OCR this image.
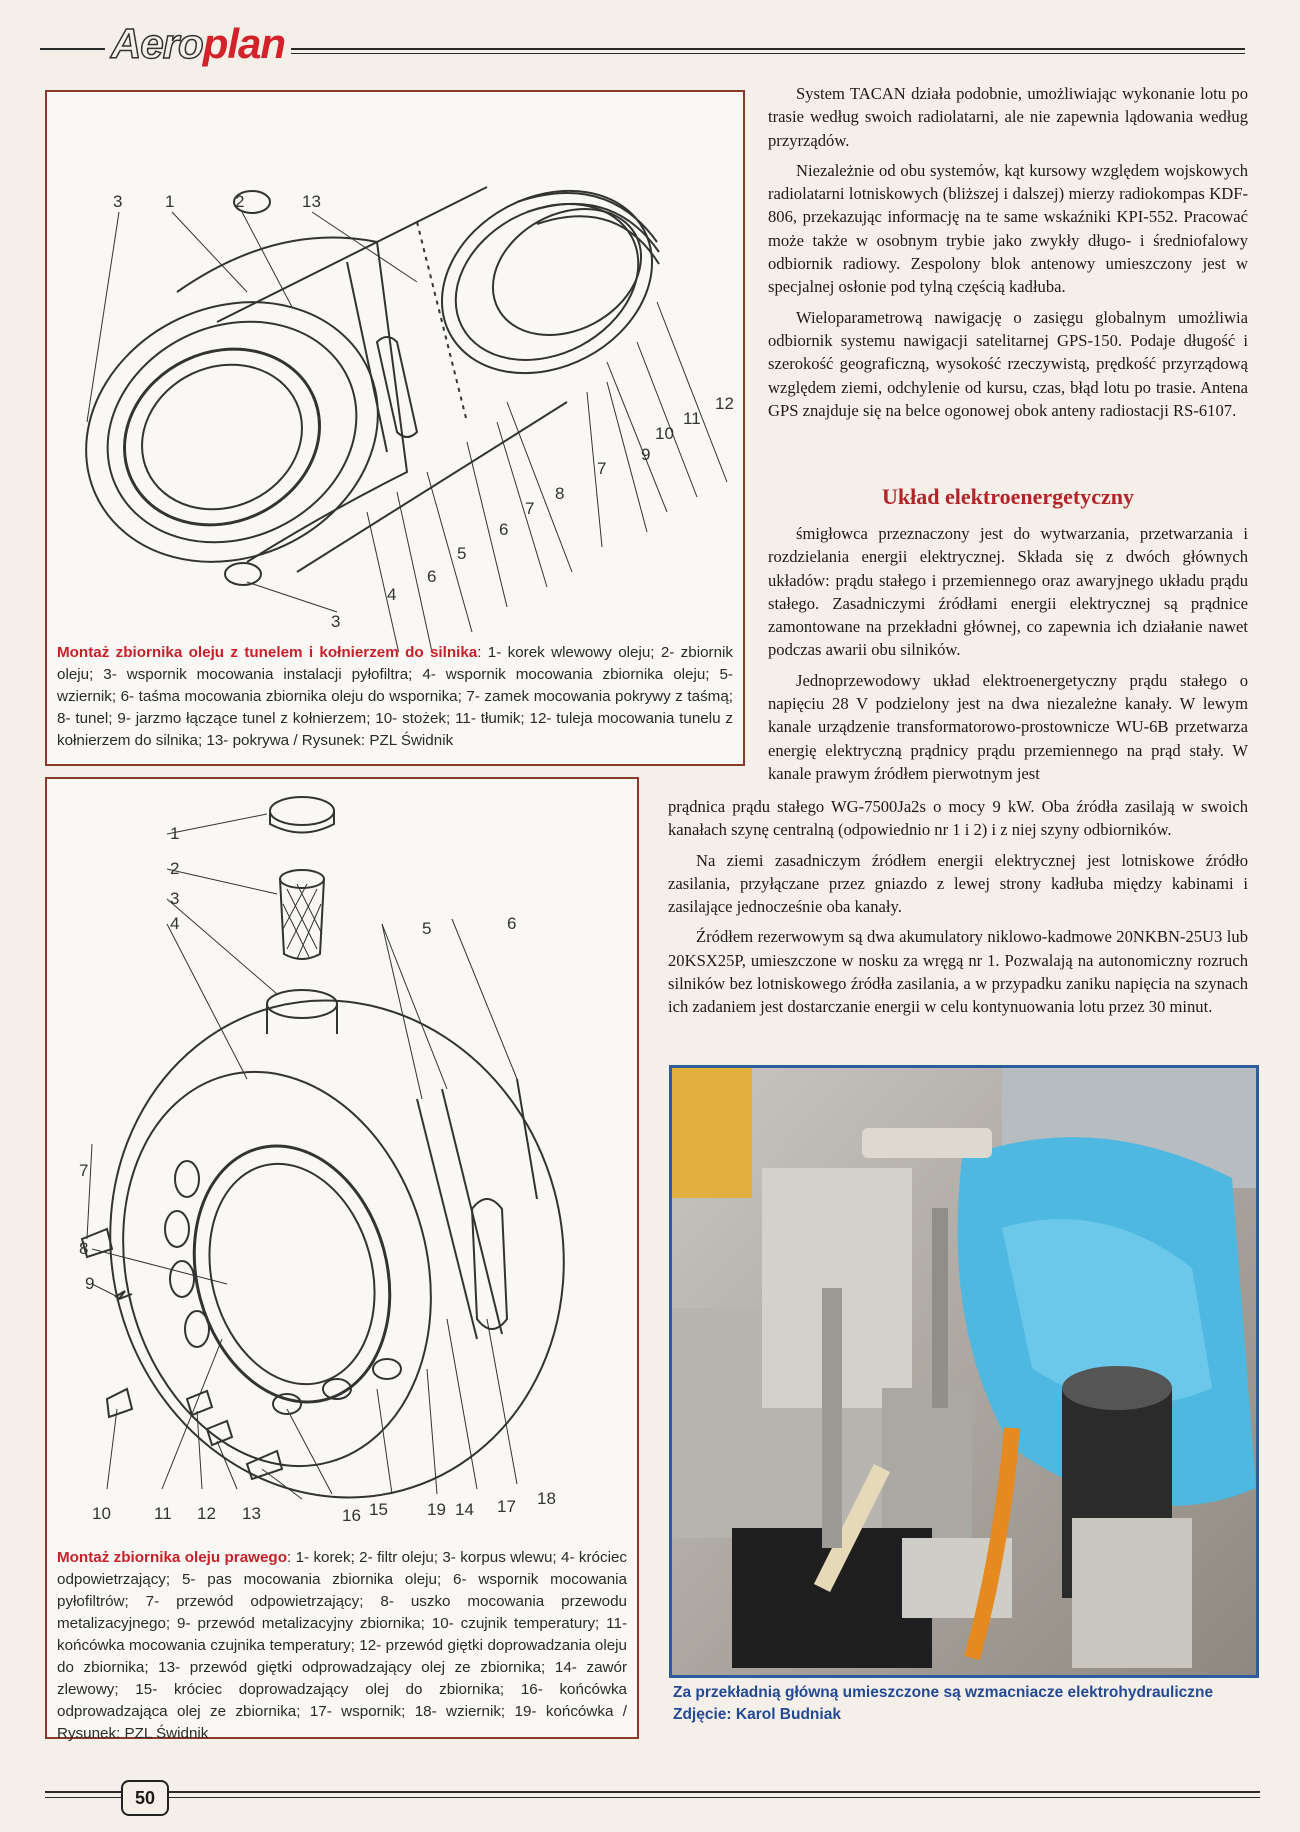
Aeroplan
3	1	2	13
12
11
10
9
7
8
7
6
5
6
4
3
Montaż zbiornika oleju z tunelem i kołnierzem do silnika: 1- korek wlewowy oleju; 2- zbiornik oleju; 3- wspornik mocowania instalacji pyłofiltra; 4- wspornik mocowania zbiornika oleju; 5- wziernik; 6- taśma mocowania zbiornika oleju do wspornika; 7- zamek mocowania pokrywy z taśmą; 8- tunel; 9- jarzmo łączące tunel z kołnierzem; 10- stożek; 11- tłumik; 12- tuleja mocowania tunelu z kołnierzem do silnika; 13- pokrywa / Rysunek: PZL Świdnik
1
2
3
4	5	6
7
8
9
10	11 12 13	16 15 19 14 17 18
Montaż zbiornika oleju prawego: 1- korek; 2- filtr oleju; 3- korpus wlewu; 4- króciec odpowietrzający; 5- pas mocowania zbiornika oleju; 6- wspornik mocowania pyłofiltrów; 7- przewód odpowietrzający; 8- uszko mocowania przewodu metalizacyjnego; 9- przewód metalizacyjny zbiornika; 10- czujnik temperatury; 11- końcówka mocowania czujnika temperatury; 12- przewód giętki doprowadzania oleju do zbiornika; 13- przewód giętki odprowadzający olej ze zbiornika; 14- zawór zlewowy; 15- króciec doprowadzający olej do zbiornika; 16- końcówka odprowadzająca olej ze zbiornika; 17- wspornik; 18- wziernik; 19- końcówka / Rysunek: PZL Świdnik

System TACAN działa podobnie, umożliwiając wykonanie lotu po trasie według swoich radiolatarni, ale nie zapewnia lądowania według przyrządów.

Niezależnie od obu systemów, kąt kursowy względem wojskowych radiolatarni lotniskowych (bliższej i dalszej) mierzy radiokompas KDF-806, przekazując informację na te same wskaźniki KPI-552. Pracować może także w osobnym trybie jako zwykły długo- i średniofalowy odbiornik radiowy. Zespolony blok antenowy umieszczony jest w specjalnej osłonie pod tylną częścią kadłuba.

Wieloparametrową nawigację o zasięgu globalnym umożliwia odbiornik systemu nawigacji satelitarnej GPS-150. Podaje długość i szerokość geograficzną, wysokość rzeczywistą, prędkość przyrządową względem ziemi, odchylenie od kursu, czas, błąd lotu po trasie. Antena GPS znajduje się na belce ogonowej obok anteny radiostacji RS-6107.

Układ elektroenergetyczny

śmigłowca przeznaczony jest do wytwarzania, przetwarzania i rozdzielania energii elektrycznej. Składa się z dwóch głównych układów: prądu stałego i przemiennego oraz awaryjnego układu prądu stałego. Zasadniczymi źródłami energii elektrycznej są prądnice zamontowane na przekładni głównej, co zapewnia ich działanie nawet podczas awarii obu silników.

Jednoprzewodowy układ elektroenergetyczny prądu stałego o napięciu 28 V podzielony jest na dwa niezależne kanały. W lewym kanale urządzenie transformatorowo-prostownicze WU-6B przetwarza energię elektryczną prądnicy prądu przemiennego na prąd stały. W kanale prawym źródłem pierwotnym jest

prądnica prądu stałego WG-7500Ja2s o mocy 9 kW. Oba źródła zasilają w swoich kanałach szynę centralną (odpowiednio nr 1 i 2) i z niej szyny odbiorników.

Na ziemi zasadniczym źródłem energii elektrycznej jest lotniskowe źródło zasilania, przyłączane przez gniazdo z lewej strony kadłuba między kabinami i zasilające jednocześnie oba kanały.

Źródłem rezerwowym są dwa akumulatory niklowo-kadmowe 20NKBN-25U3 lub 20KSX25P, umieszczone w nosku za wręgą nr 1. Pozwalają na autonomiczny rozruch silników bez lotniskowego źródła zasilania, a w przypadku zaniku napięcia na szynach ich zadaniem jest dostarczanie energii w celu kontynuowania lotu przez 30 minut.

Za przekładnią główną umieszczone są wzmacniacze elektrohydrauliczne
Zdjęcie: Karol Budniak
50
